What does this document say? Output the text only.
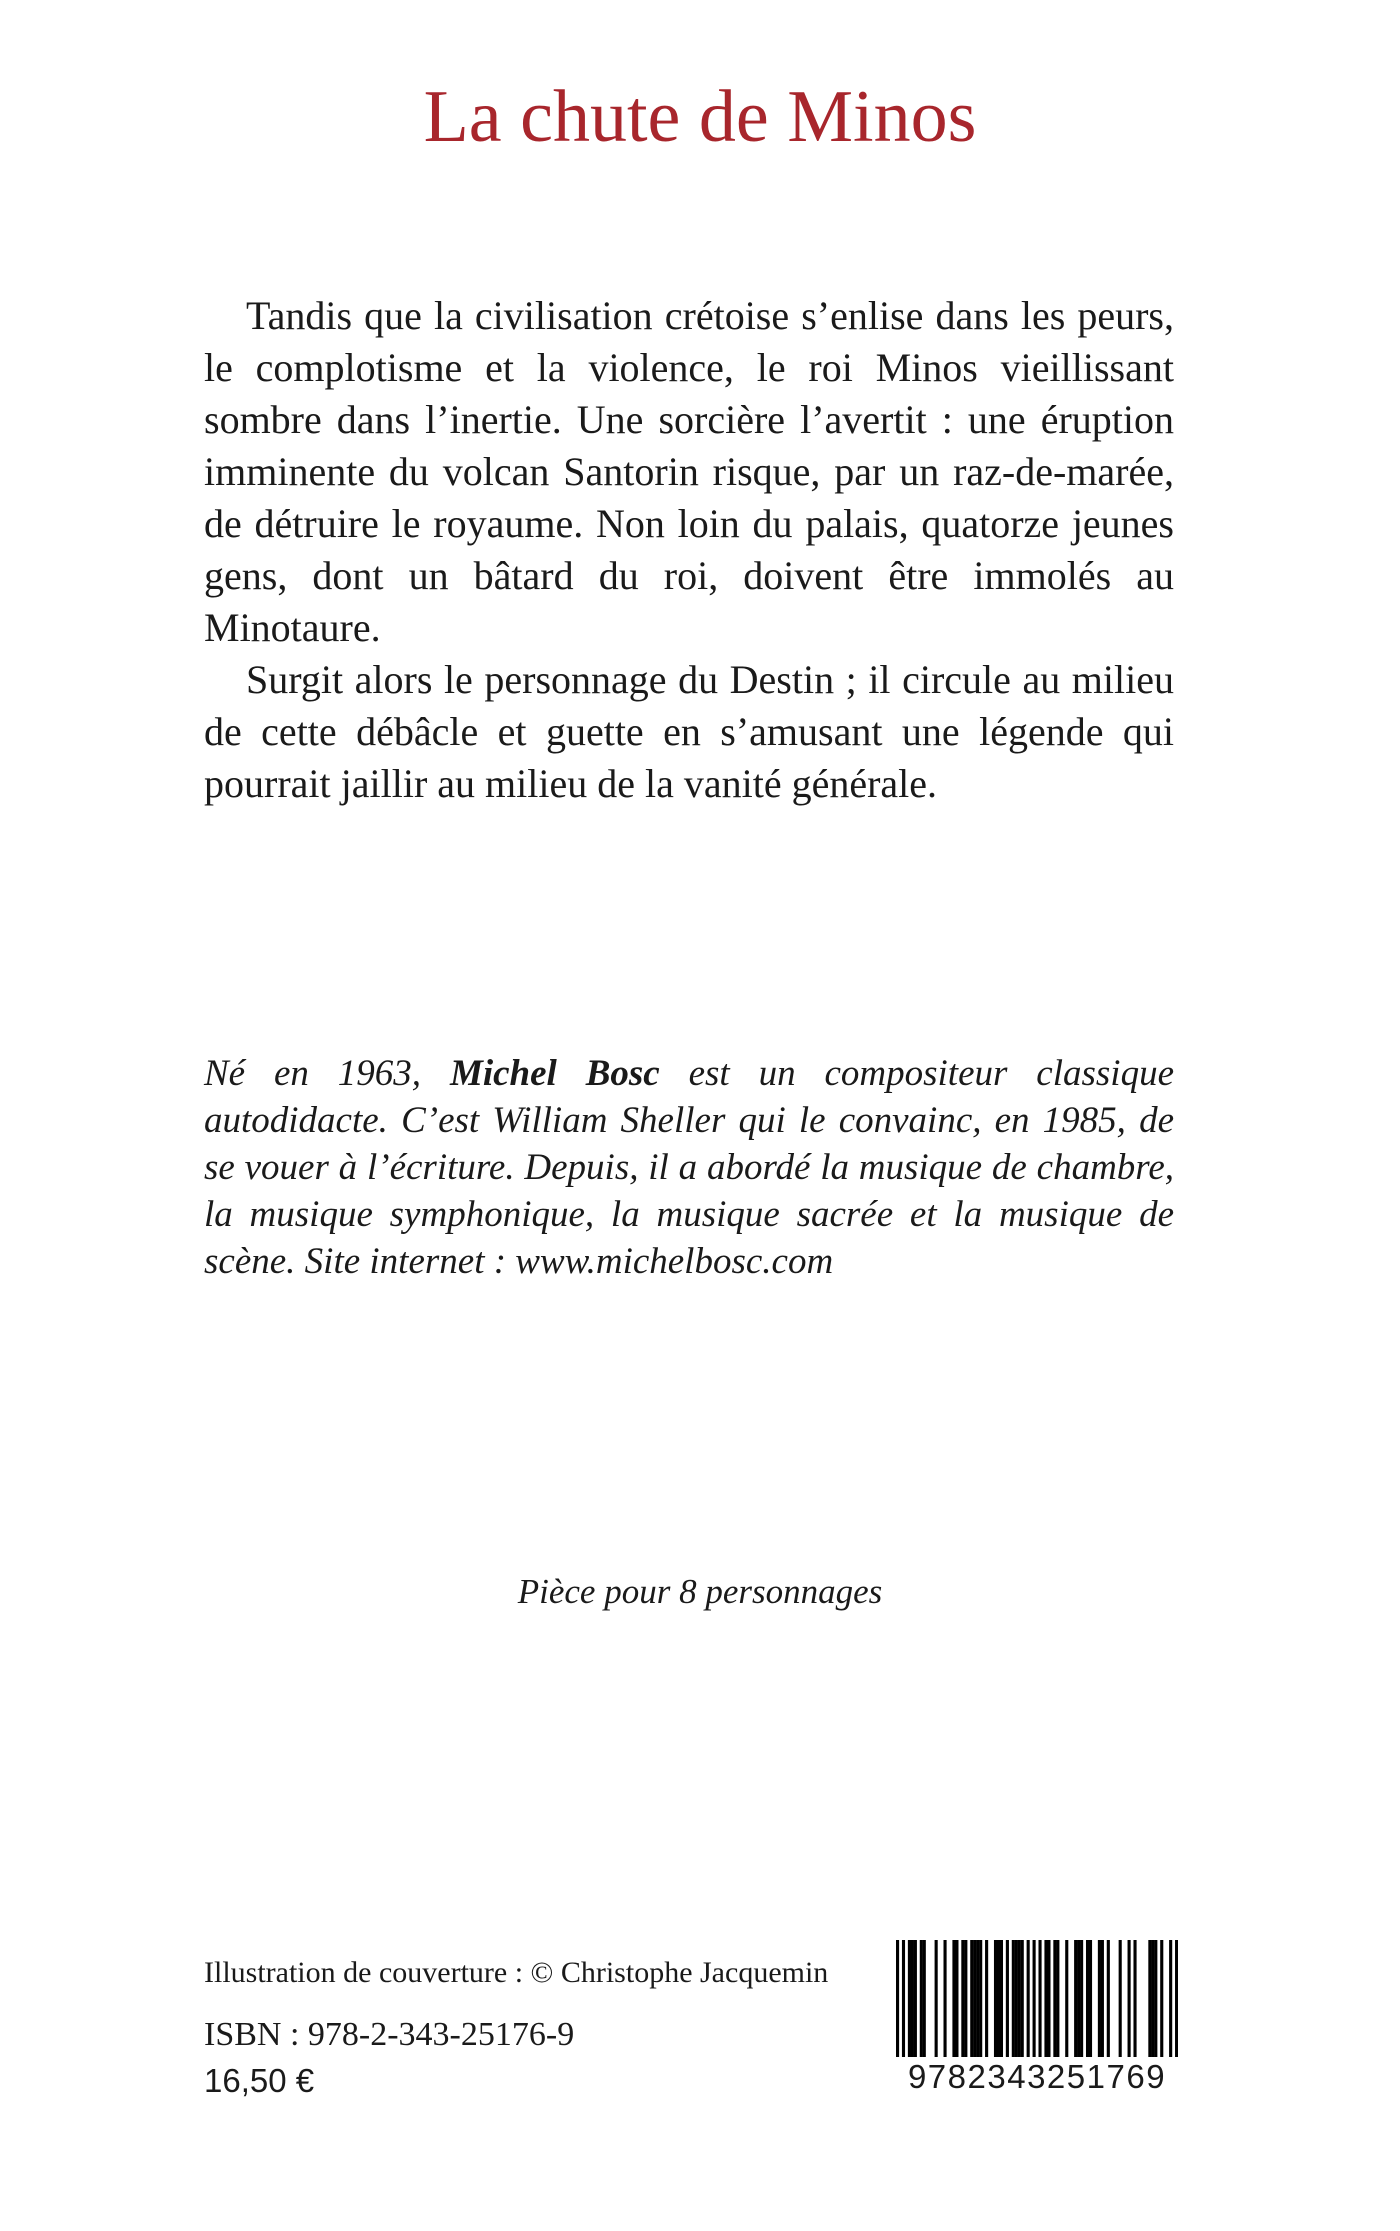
La chute de Minos

Tandis que la civilisation crétoise s’enlise dans les peurs, le complotisme et la violence, le roi Minos vieillissant sombre dans l’inertie. Une sorcière l’avertit : une éruption imminente du volcan Santorin risque, par un raz-de-marée, de détruire le royaume. Non loin du palais, quatorze jeunes gens, dont un bâtard du roi, doivent être immolés au Minotaure.

Surgit alors le personnage du Destin ; il circule au milieu de cette débâcle et guette en s’amusant une légende qui pourrait jaillir au milieu de la vanité générale.

Né en 1963, Michel Bosc est un compositeur classique autodidacte. C’est William Sheller qui le convainc, en 1985, de se vouer à l’écriture. Depuis, il a abordé la musique de chambre, la musique symphonique, la musique sacrée et la musique de scène. Site internet : www.michelbosc.com

Pièce pour 8 personnages

Illustration de couverture : © Christophe Jacquemin

ISBN : 978-2-343-25176-9

16,50 €	9782343251769
